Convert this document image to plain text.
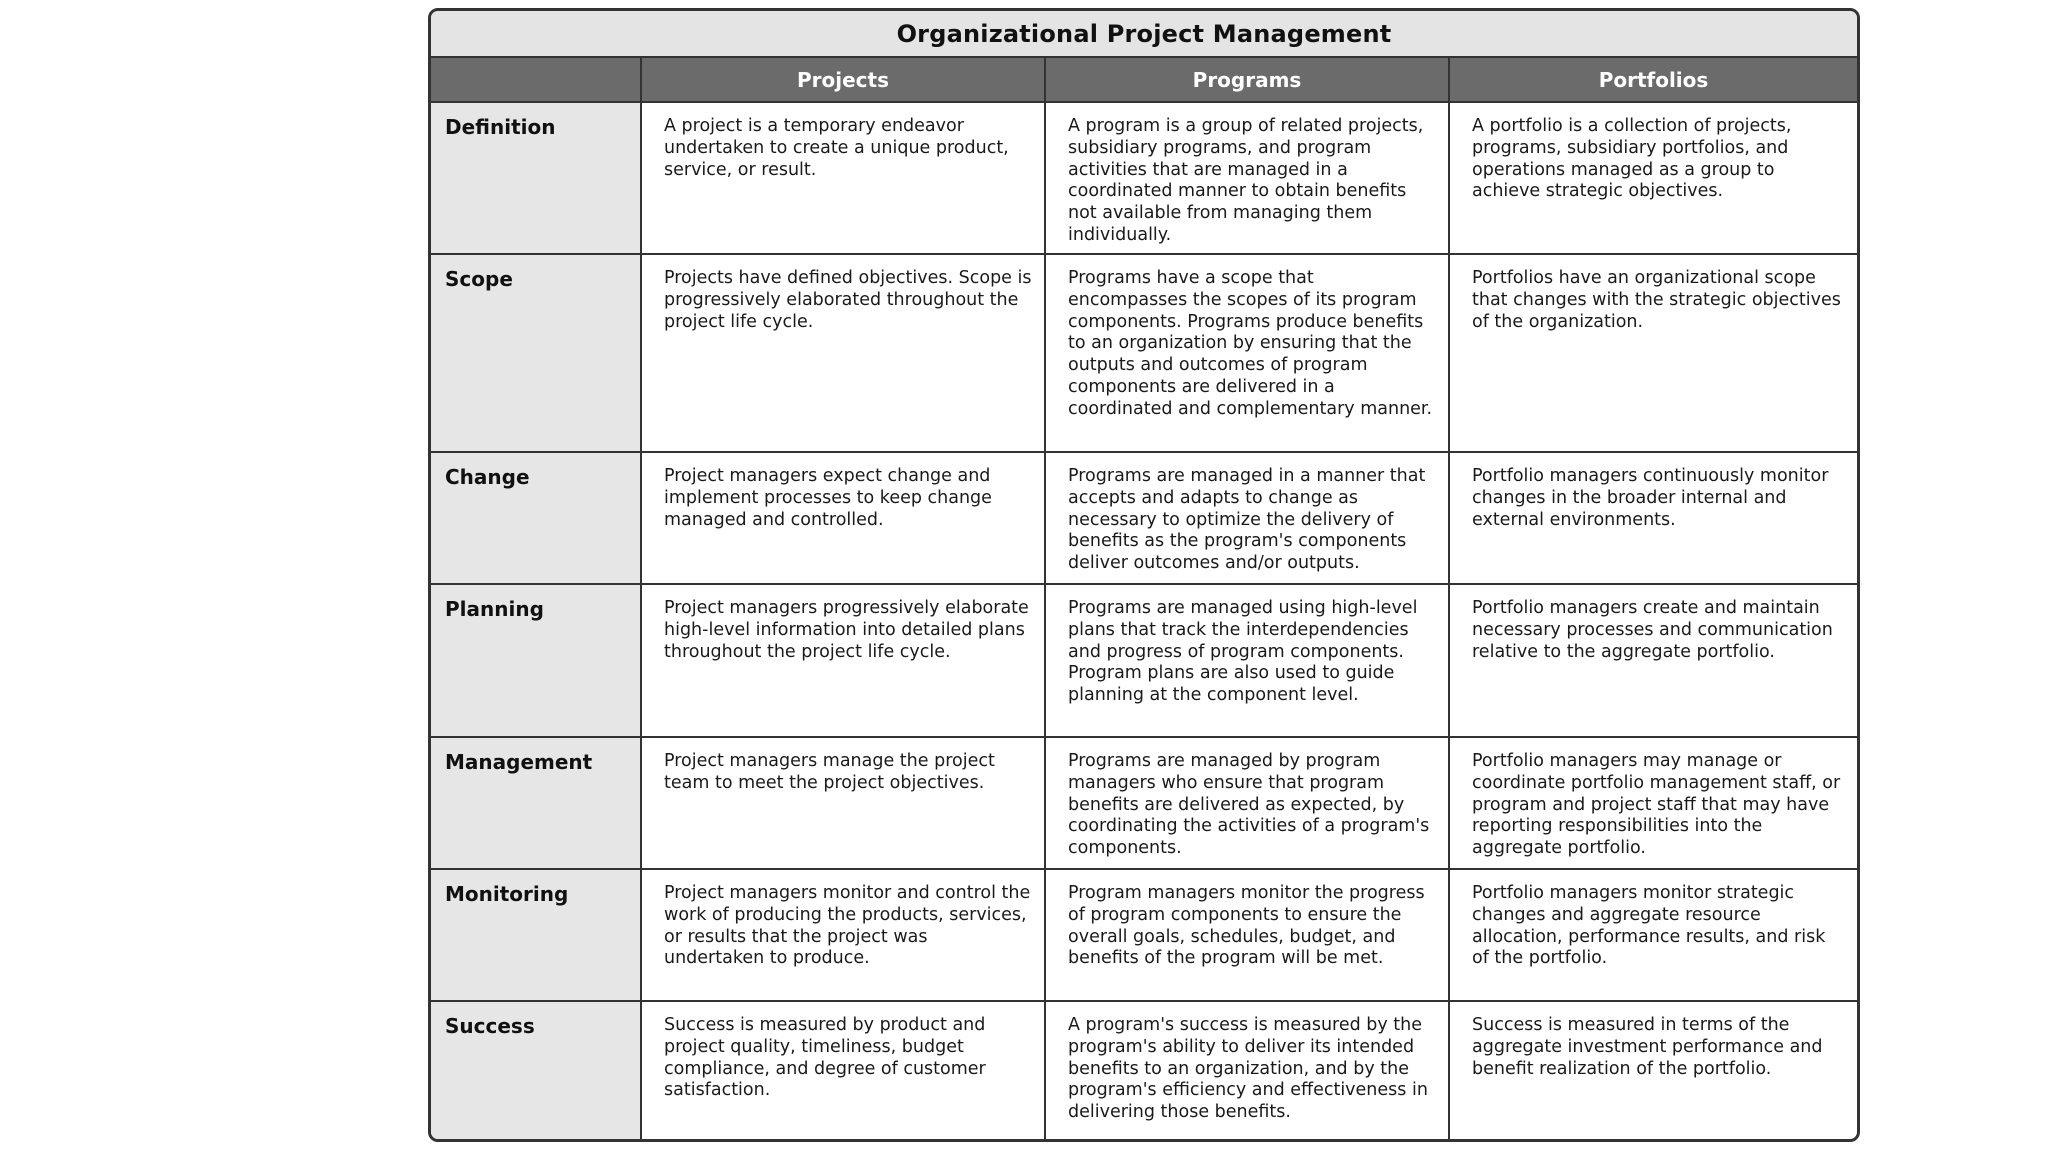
Organizational Project Management
	Projects	Programs	Portfolios
Definition	A project is a temporary endeavor undertaken to create a unique product, service, or result.	A program is a group of related projects, subsidiary programs, and program activities that are managed in a coordinated manner to obtain benefits not available from managing them individually.	A portfolio is a collection of projects, programs, subsidiary portfolios, and operations managed as a group to achieve strategic objectives.
Scope	Projects have defined objectives. Scope is progressively elaborated throughout the project life cycle.	Programs have a scope that encompasses the scopes of its program components. Programs produce benefits to an organization by ensuring that the outputs and outcomes of program components are delivered in a coordinated and complementary manner.	Portfolios have an organizational scope that changes with the strategic objectives of the organization.
Change	Project managers expect change and implement processes to keep change managed and controlled.	Programs are managed in a manner that accepts and adapts to change as necessary to optimize the delivery of benefits as the program's components deliver outcomes and/or outputs.	Portfolio managers continuously monitor changes in the broader internal and external environments.
Planning	Project managers progressively elaborate high-level information into detailed plans throughout the project life cycle.	Programs are managed using high-level plans that track the interdependencies and progress of program components. Program plans are also used to guide planning at the component level.	Portfolio managers create and maintain necessary processes and communication relative to the aggregate portfolio.
Management	Project managers manage the project team to meet the project objectives.	Programs are managed by program managers who ensure that program benefits are delivered as expected, by coordinating the activities of a program's components.	Portfolio managers may manage or coordinate portfolio management staff, or program and project staff that may have reporting responsibilities into the aggregate portfolio.
Monitoring	Project managers monitor and control the work of producing the products, services, or results that the project was undertaken to produce.	Program managers monitor the progress of program components to ensure the overall goals, schedules, budget, and benefits of the program will be met.	Portfolio managers monitor strategic changes and aggregate resource allocation, performance results, and risk of the portfolio.
Success	Success is measured by product and project quality, timeliness, budget compliance, and degree of customer satisfaction.	A program's success is measured by the program's ability to deliver its intended benefits to an organization, and by the program's efficiency and effectiveness in delivering those benefits.	Success is measured in terms of the aggregate investment performance and benefit realization of the portfolio.
